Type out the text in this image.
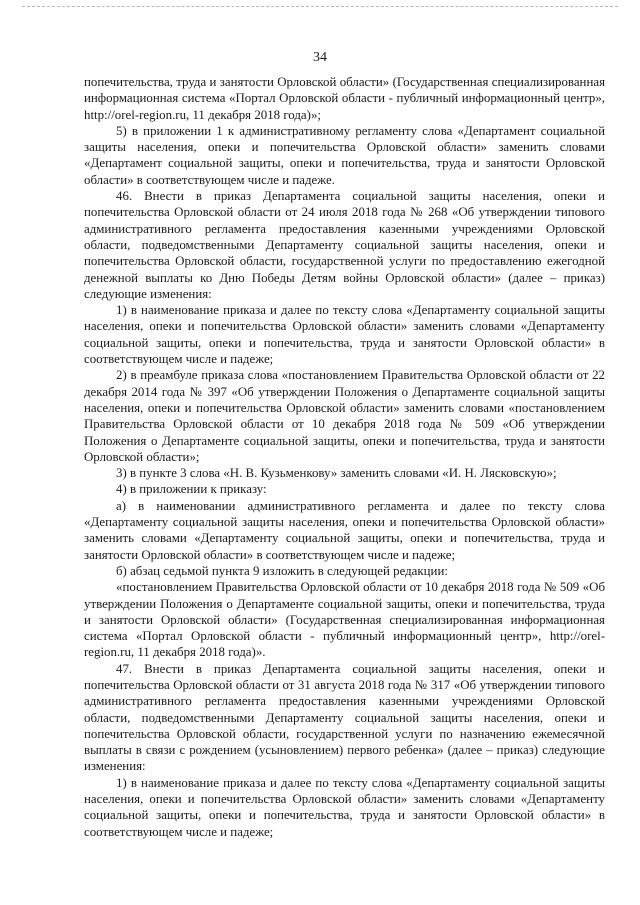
34

попечительства, труда и занятости Орловской области» (Государственная специализированная информационная система «Портал Орловской области - публичный информационный центр», http://orel-region.ru, 11 декабря 2018 года)»;

5) в приложении 1 к административному регламенту слова «Департамент социальной защиты населения, опеки и попечительства Орловской области» заменить словами «Департамент социальной защиты, опеки и попечительства, труда и занятости Орловской области» в соответствующем числе и падеже.

46. Внести в приказ Департамента социальной защиты населения, опеки и попечительства Орловской области от 24 июля 2018 года № 268 «Об утверждении типового административного регламента предоставления казенными учреждениями Орловской области, подведомственными Департаменту социальной защиты населения, опеки и попечительства Орловской области, государственной услуги по предоставлению ежегодной денежной выплаты ко Дню Победы Детям войны Орловской области» (далее – приказ) следующие изменения:

1) в наименование приказа и далее по тексту слова «Департаменту социальной защиты населения, опеки и попечительства Орловской области» заменить словами «Департаменту социальной защиты, опеки и попечительства, труда и занятости Орловской области» в соответствующем числе и падеже;

2) в преамбуле приказа слова «постановлением Правительства Орловской области от 22 декабря 2014 года № 397 «Об утверждении Положения о Департаменте социальной защиты населения, опеки и попечительства Орловской области» заменить словами «постановлением Правительства Орловской области от 10 декабря 2018 года № 509 «Об утверждении Положения о Департаменте социальной защиты, опеки и попечительства, труда и занятости Орловской области»;

3) в пункте 3 слова «Н. В. Кузьменкову» заменить словами «И. Н. Лясковскую»;

4) в приложении к приказу:

а) в наименовании административного регламента и далее по тексту слова «Департаменту социальной защиты населения, опеки и попечительства Орловской области» заменить словами «Департаменту социальной защиты, опеки и попечительства, труда и занятости Орловской области» в соответствующем числе и падеже;

б) абзац седьмой пункта 9 изложить в следующей редакции:

«постановлением Правительства Орловской области от 10 декабря 2018 года № 509 «Об утверждении Положения о Департаменте социальной защиты, опеки и попечительства, труда и занятости Орловской области» (Государственная специализированная информационная система «Портал Орловской области - публичный информационный центр», http://orel-region.ru, 11 декабря 2018 года)».

47. Внести в приказ Департамента социальной защиты населения, опеки и попечительства Орловской области от 31 августа 2018 года № 317 «Об утверждении типового административного регламента предоставления казенными учреждениями Орловской области, подведомственными Департаменту социальной защиты населения, опеки и попечительства Орловской области, государственной услуги по назначению ежемесячной выплаты в связи с рождением (усыновлением) первого ребенка» (далее – приказ) следующие изменения:

1) в наименование приказа и далее по тексту слова «Департаменту социальной защиты населения, опеки и попечительства Орловской области» заменить словами «Департаменту социальной защиты, опеки и попечительства, труда и занятости Орловской области» в соответствующем числе и падеже;
